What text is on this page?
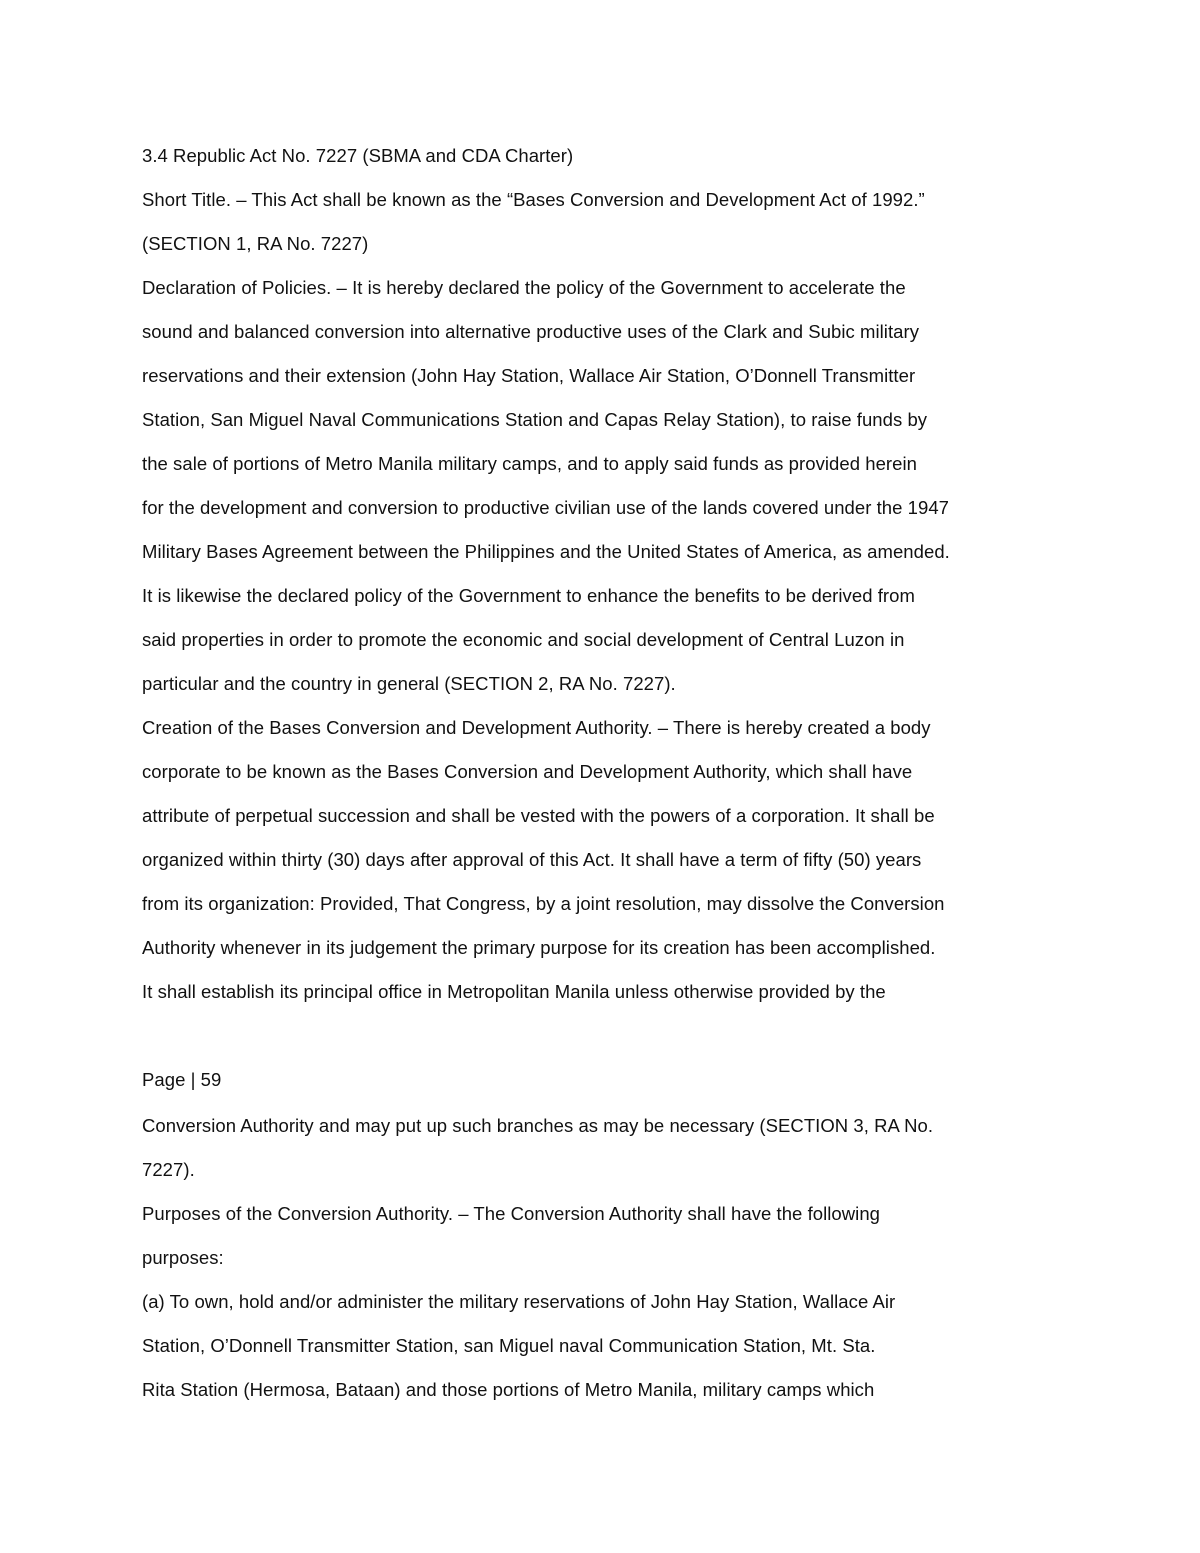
3.4 Republic Act No. 7227 (SBMA and CDA Charter)
Short Title. – This Act shall be known as the “Bases Conversion and Development Act of 1992.”
(SECTION 1, RA No. 7227)
Declaration of Policies. – It is hereby declared the policy of the Government to accelerate the
sound and balanced conversion into alternative productive uses of the Clark and Subic military
reservations and their extension (John Hay Station, Wallace Air Station, O’Donnell Transmitter
Station, San Miguel Naval Communications Station and Capas Relay Station), to raise funds by
the sale of portions of Metro Manila military camps, and to apply said funds as provided herein
for the development and conversion to productive civilian use of the lands covered under the 1947
Military Bases Agreement between the Philippines and the United States of America, as amended.
It is likewise the declared policy of the Government to enhance the benefits to be derived from
said properties in order to promote the economic and social development of Central Luzon in
particular and the country in general (SECTION 2, RA No. 7227).
Creation of the Bases Conversion and Development Authority. – There is hereby created a body
corporate to be known as the Bases Conversion and Development Authority, which shall have
attribute of perpetual succession and shall be vested with the powers of a corporation. It shall be
organized within thirty (30) days after approval of this Act. It shall have a term of fifty (50) years
from its organization: Provided, That Congress, by a joint resolution, may dissolve the Conversion
Authority whenever in its judgement the primary purpose for its creation has been accomplished.
It shall establish its principal office in Metropolitan Manila unless otherwise provided by the
Page | 59
Conversion Authority and may put up such branches as may be necessary (SECTION 3, RA No.
7227).
Purposes of the Conversion Authority. – The Conversion Authority shall have the following
purposes:
(a) To own, hold and/or administer the military reservations of John Hay Station, Wallace Air
Station, O’Donnell Transmitter Station, san Miguel naval Communication Station, Mt. Sta.
Rita Station (Hermosa, Bataan) and those portions of Metro Manila, military camps which
